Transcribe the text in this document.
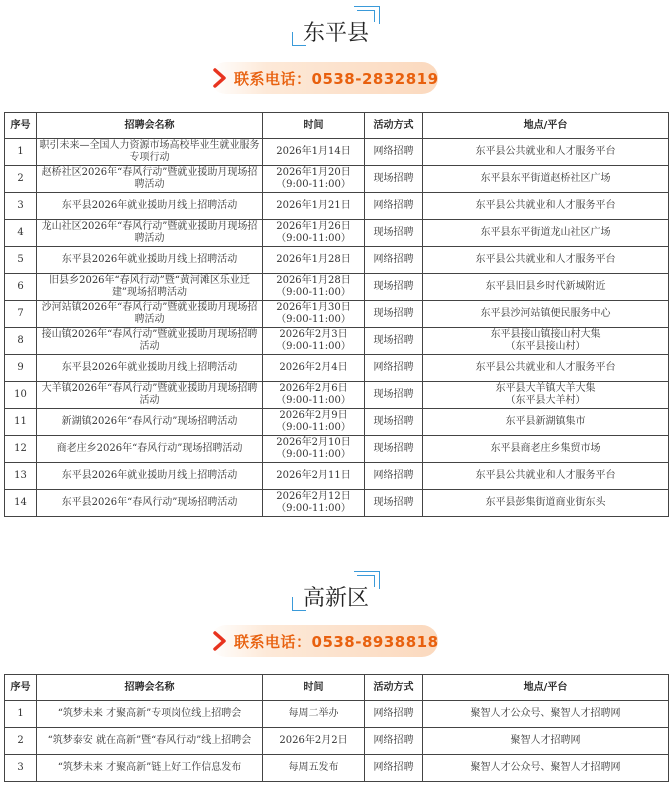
东平县
联系电话：0538-2832819
序号	招聘会名称	时间	活动方式	地点/平台
1	职引未来—全国人力资源市场高校毕业生就业服务专项行动	2026年1月14日	网络招聘	东平县公共就业和人才服务平台
2	赵桥社区2026年“春风行动”暨就业援助月现场招聘活动	2026年1月20日
（9:00-11:00）	现场招聘	东平县东平街道赵桥社区广场
3	东平县2026年就业援助月线上招聘活动	2026年1月21日	网络招聘	东平县公共就业和人才服务平台
4	龙山社区2026年“春风行动”暨就业援助月现场招聘活动	2026年1月26日
（9:00-11:00）	现场招聘	东平县东平街道龙山社区广场
5	东平县2026年就业援助月线上招聘活动	2026年1月28日	网络招聘	东平县公共就业和人才服务平台
6	旧县乡2026年“春风行动”暨“黄河滩区乐业迁建”现场招聘活动	2026年1月28日
（9:00-11:00）	现场招聘	东平县旧县乡时代新城附近
7	沙河站镇2026年“春风行动”暨就业援助月现场招聘活动	2026年1月30日
（9:00-11:00）	现场招聘	东平县沙河站镇便民服务中心
8	接山镇2026年“春风行动”暨就业援助月现场招聘活动	2026年2月3日
（9:00-11:00）	现场招聘	东平县接山镇接山村大集
（东平县接山村）
9	东平县2026年就业援助月线上招聘活动	2026年2月4日	网络招聘	东平县公共就业和人才服务平台
10	大羊镇2026年“春风行动”暨就业援助月现场招聘活动	2026年2月6日
（9:00-11:00）	现场招聘	东平县大羊镇大羊大集
（东平县大羊村）
11	新湖镇2026年“春风行动”现场招聘活动	2026年2月9日
（9:00-11:00）	现场招聘	东平县新湖镇集市
12	商老庄乡2026年“春风行动”现场招聘活动	2026年2月10日
（9:00-11:00）	现场招聘	东平县商老庄乡集贸市场
13	东平县2026年就业援助月线上招聘活动	2026年2月11日	网络招聘	东平县公共就业和人才服务平台
14	东平县2026年“春风行动”现场招聘活动	2026年2月12日
（9:00-11:00）	现场招聘	东平县彭集街道商业街东头
高新区
联系电话：0538-8938818
序号	招聘会名称	时间	活动方式	地点/平台
1	“筑梦未来 才聚高新”专项岗位线上招聘会	每周二举办	网络招聘	聚智人才公众号、聚智人才招聘网
2	“筑梦泰安 就在高新”暨“春风行动”线上招聘会	2026年2月2日	网络招聘	聚智人才招聘网
3	“筑梦未来 才聚高新”链上好工作信息发布	每周五发布	网络招聘	聚智人才公众号、聚智人才招聘网
